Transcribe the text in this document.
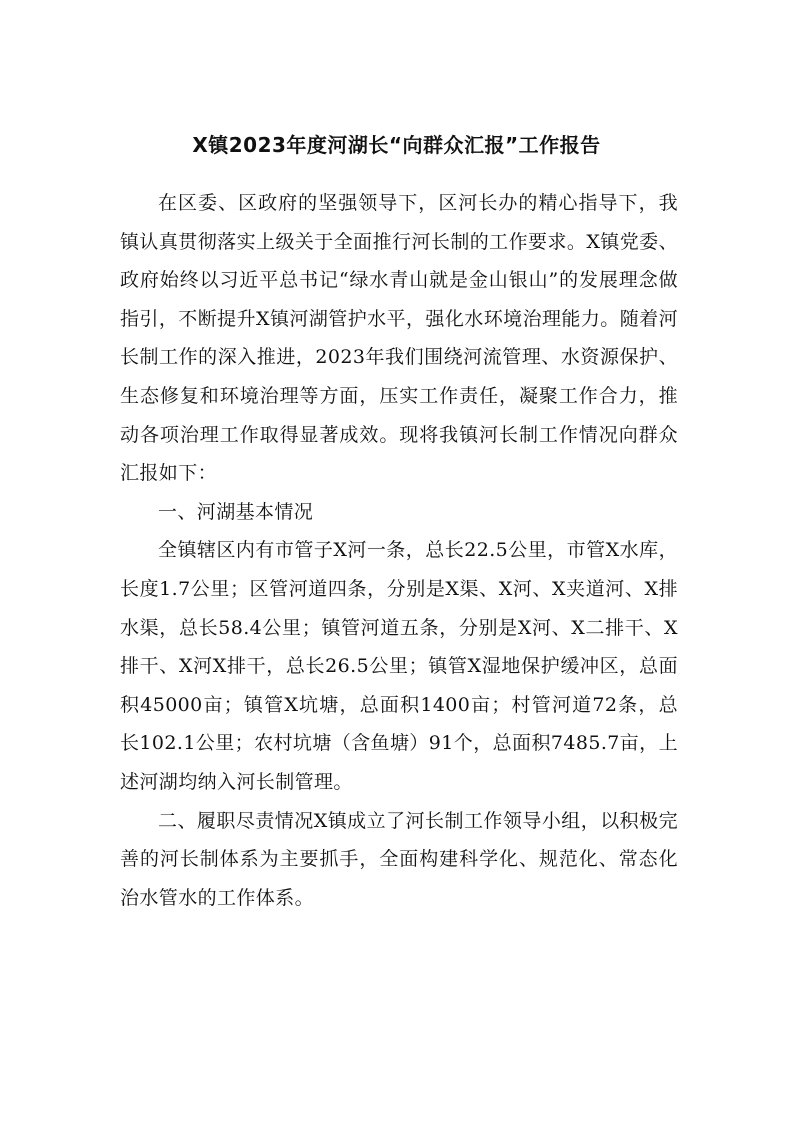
X镇2023年度河湖长“向群众汇报”工作报告

在区委、区政府的坚强领导下，区河长办的精心指导下，我镇认真贯彻落实上级关于全面推行河长制的工作要求。X镇党委、政府始终以习近平总书记“绿水青山就是金山银山”的发展理念做指引，不断提升X镇河湖管护水平，强化水环境治理能力。随着河长制工作的深入推进，2023年我们围绕河流管理、水资源保护、生态修复和环境治理等方面，压实工作责任，凝聚工作合力，推动各项治理工作取得显著成效。现将我镇河长制工作情况向群众汇报如下：

一、河湖基本情况

全镇辖区内有市管子X河一条，总长22.5公里，市管X水库，长度1.7公里；区管河道四条，分别是X渠、X河、X夹道河、X排水渠，总长58.4公里；镇管河道五条，分别是X河、X二排干、X排干、X河X排干，总长26.5公里；镇管X湿地保护缓冲区，总面积45000亩；镇管X坑塘，总面积1400亩；村管河道72条，总长102.1公里；农村坑塘（含鱼塘）91个，总面积7485.7亩，上述河湖均纳入河长制管理。

二、履职尽责情况X镇成立了河长制工作领导小组，以积极完善的河长制体系为主要抓手，全面构建科学化、规范化、常态化治水管水的工作体系。
